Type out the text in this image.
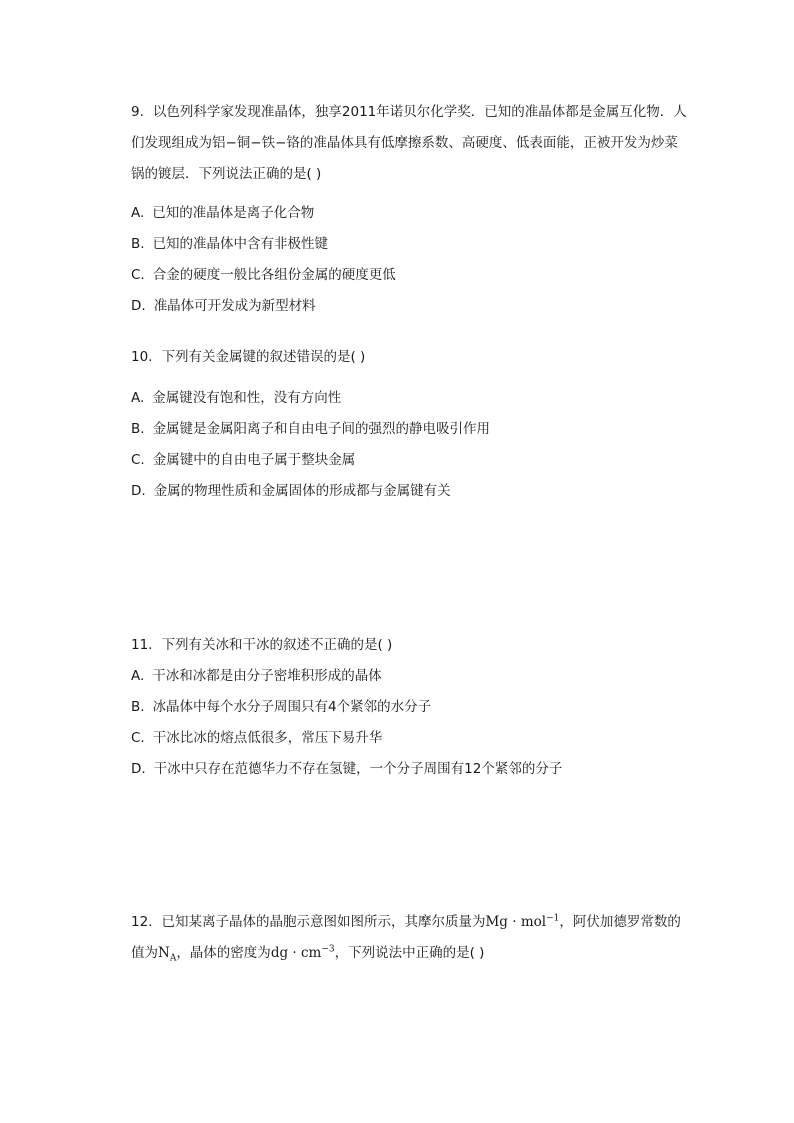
9. 以色列科学家发现准晶体，独享2011年诺贝尔化学奖．已知的准晶体都是金属互化物．人
们发现组成为铝−铜−铁−铬的准晶体具有低摩擦系数、高硬度、低表面能，正被开发为炒菜
锅的镀层．下列说法正确的是( )

A. 已知的准晶体是离子化合物
B. 已知的准晶体中含有非极性键
C. 合金的硬度一般比各组份金属的硬度更低
D. 准晶体可开发成为新型材料

10. 下列有关金属键的叙述错误的是( )

A. 金属键没有饱和性，没有方向性
B. 金属键是金属阳离子和自由电子间的强烈的静电吸引作用
C. 金属键中的自由电子属于整块金属
D. 金属的物理性质和金属固体的形成都与金属键有关

11. 下列有关冰和干冰的叙述不正确的是( )

A. 干冰和冰都是由分子密堆积形成的晶体
B. 冰晶体中每个水分子周围只有4个紧邻的水分子
C. 干冰比冰的熔点低很多，常压下易升华
D. 干冰中只存在范德华力不存在氢键，一个分子周围有12个紧邻的分子

12. 已知某离子晶体的晶胞示意图如图所示，其摩尔质量为Mg · mol$^{-1}$，阿伏加德罗常数的
值为$N_A$，晶体的密度为dg · $cm^{-3}$，下列说法中正确的是( )
